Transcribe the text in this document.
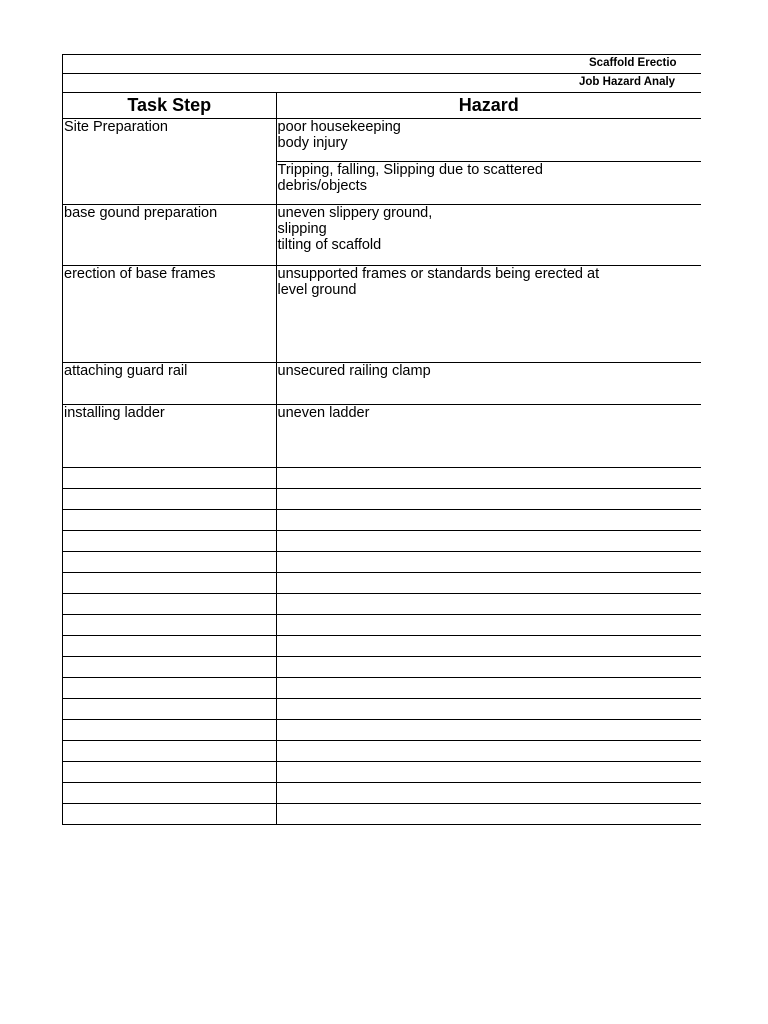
Scaffold Erectio
Job Hazard Analy
Task Step	Hazard

Site Preparation	poor housekeeping
body injury

	Tripping, falling, Slipping due to scattered
debris/objects

base gound preparation	uneven slippery ground,
slipping
tilting of scaffold

erection of base frames	unsupported frames or standards being erected at
level ground

attaching guard rail	unsecured railing clamp

installing ladder	uneven ladder
